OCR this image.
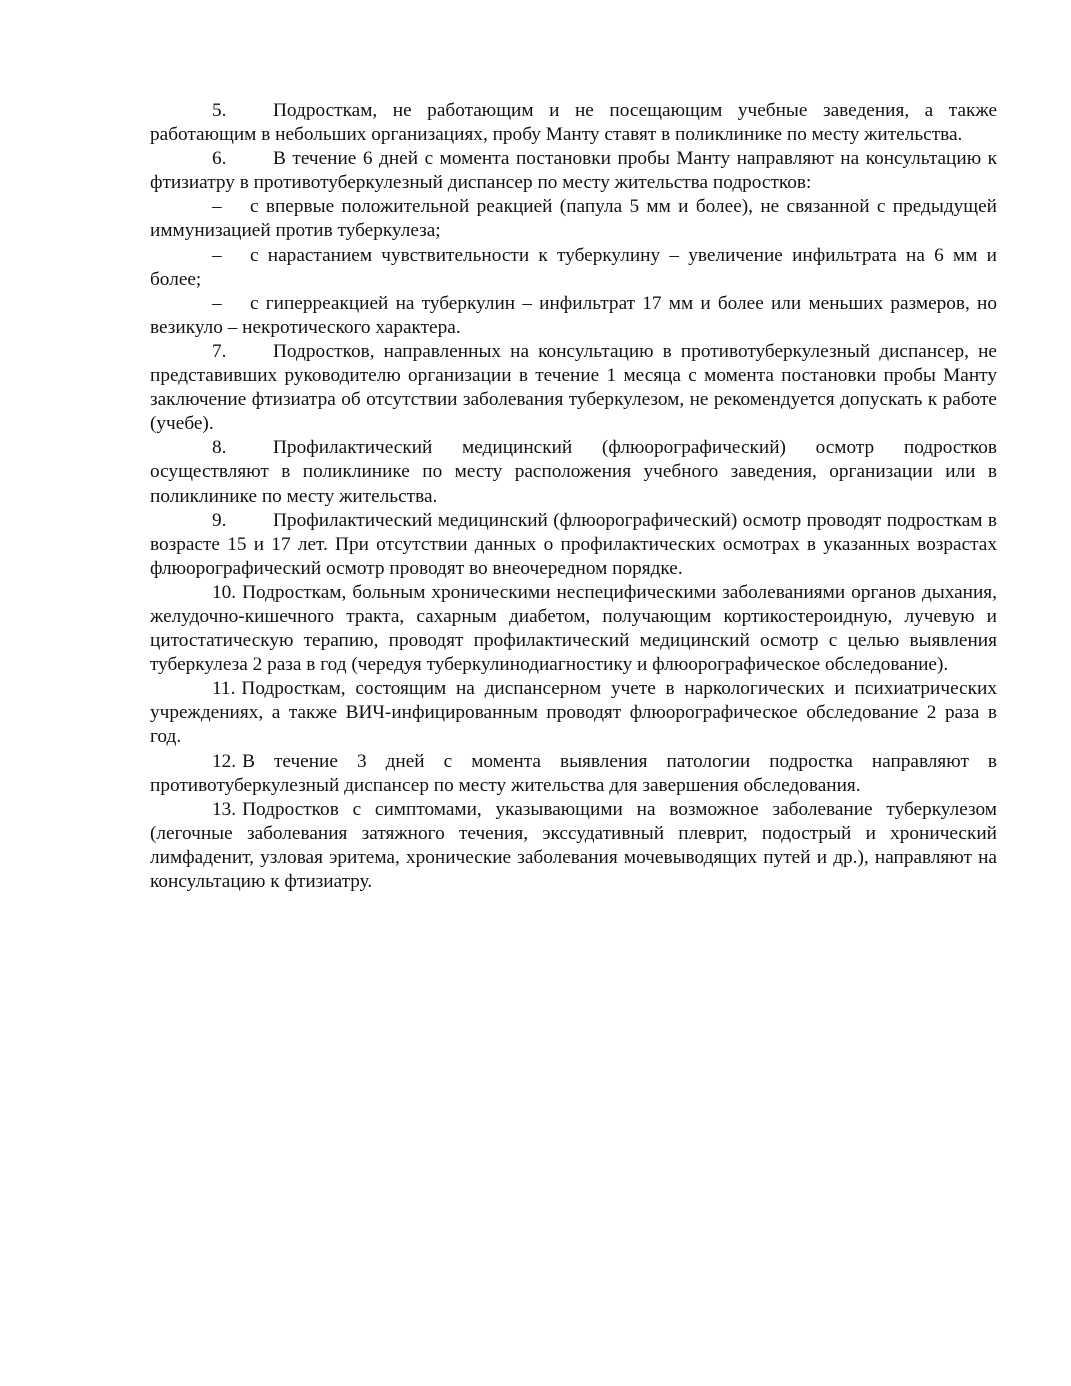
5. Подросткам, не работающим и не посещающим учебные заведения, а также работающим в небольших организациях, пробу Манту ставят в поликлинике по месту жительства.

6. В течение 6 дней с момента постановки пробы Манту направляют на консультацию к фтизиатру в противотуберкулезный диспансер по месту жительства подростков:

– с впервые положительной реакцией (папула 5 мм и более), не связанной с предыдущей иммунизацией против туберкулеза;

– с нарастанием чувствительности к туберкулину – увеличение инфильтрата на 6 мм и более;

– с гиперреакцией на туберкулин – инфильтрат 17 мм и более или меньших размеров, но везикуло – некротического характера.

7. Подростков, направленных на консультацию в противотуберкулезный диспансер, не представивших руководителю организации в течение 1 месяца с момента постановки пробы Манту заключение фтизиатра об отсутствии заболевания туберкулезом, не рекомендуется допускать к работе (учебе).

8. Профилактический медицинский (флюорографический) осмотр подростков осуществляют в поликлинике по месту расположения учебного заведения, организации или в поликлинике по месту жительства.

9. Профилактический медицинский (флюорографический) осмотр проводят подросткам в возрасте 15 и 17 лет. При отсутствии данных о профилактических осмотрах в указанных возрастах флюорографический осмотр проводят во внеочередном порядке.

10. Подросткам, больным хроническими неспецифическими заболеваниями органов дыхания, желудочно-кишечного тракта, сахарным диабетом, получающим кортикостероидную, лучевую и цитостатическую терапию, проводят профилактический медицинский осмотр с целью выявления туберкулеза 2 раза в год (чередуя туберкулинодиагностику и флюорографическое обследование).

11. Подросткам, состоящим на диспансерном учете в наркологических и психиатрических учреждениях, а также ВИЧ-инфицированным проводят флюорографическое обследование 2 раза в год.

12. В течение 3 дней с момента выявления патологии подростка направляют в противотуберкулезный диспансер по месту жительства для завершения обследования.

13. Подростков с симптомами, указывающими на возможное заболевание туберкулезом (легочные заболевания затяжного течения, экссудативный плеврит, подострый и хронический лимфаденит, узловая эритема, хронические заболевания мочевыводящих путей и др.), направляют на консультацию к фтизиатру.
